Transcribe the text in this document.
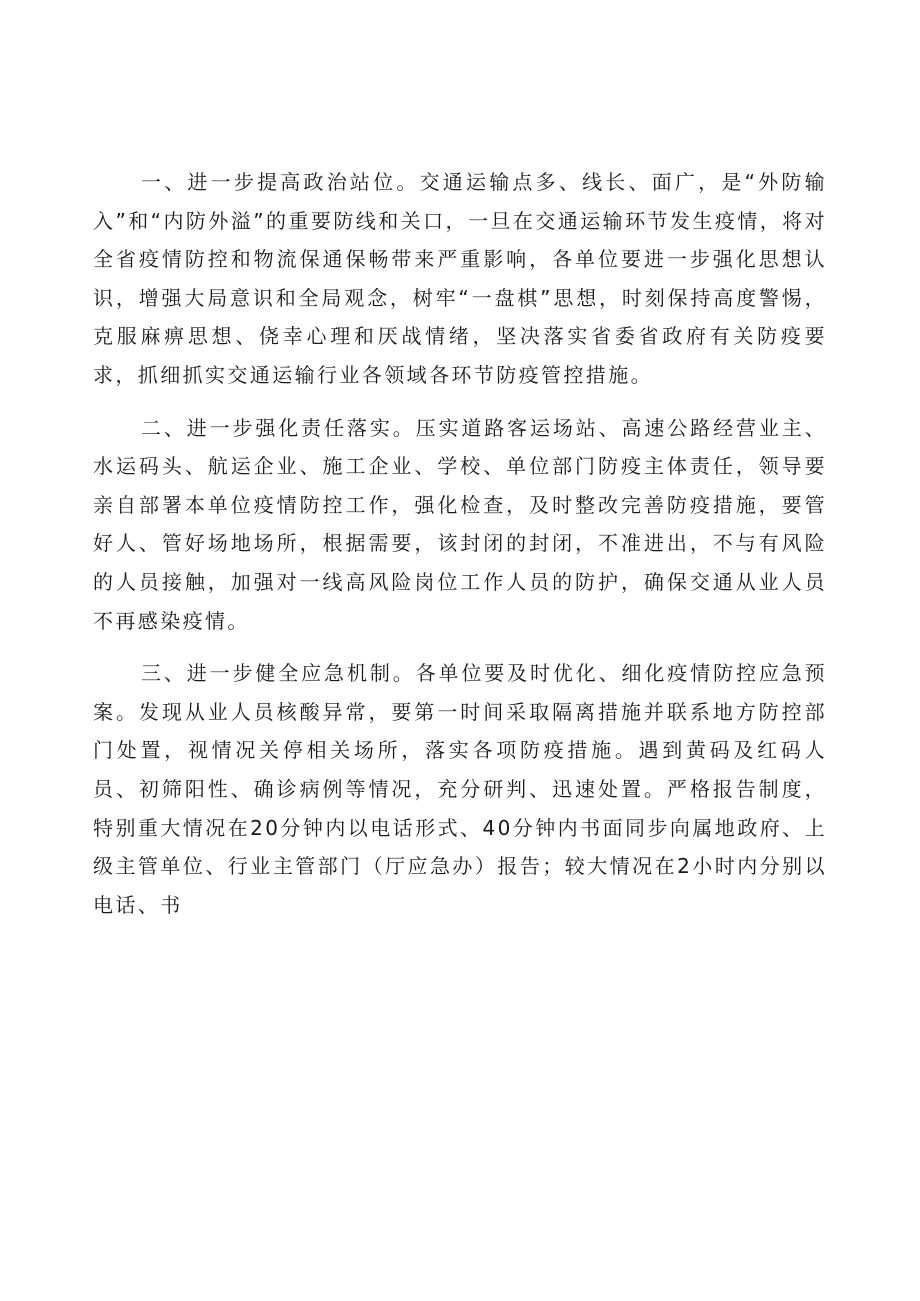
一、进一步提高政治站位。交通运输点多、线长、面广，是“外防输入”和“内防外溢”的重要防线和关口，一旦在交通运输环节发生疫情，将对全省疫情防控和物流保通保畅带来严重影响，各单位要进一步强化思想认识，增强大局意识和全局观念，树牢“一盘棋”思想，时刻保持高度警惕，克服麻痹思想、侥幸心理和厌战情绪，坚决落实省委省政府有关防疫要求，抓细抓实交通运输行业各领域各环节防疫管控措施。

二、进一步强化责任落实。压实道路客运场站、高速公路经营业主、水运码头、航运企业、施工企业、学校、单位部门防疫主体责任，领导要亲自部署本单位疫情防控工作，强化检查，及时整改完善防疫措施，要管好人、管好场地场所，根据需要，该封闭的封闭，不准进出，不与有风险的人员接触，加强对一线高风险岗位工作人员的防护，确保交通从业人员不再感染疫情。

三、进一步健全应急机制。各单位要及时优化、细化疫情防控应急预案。发现从业人员核酸异常，要第一时间采取隔离措施并联系地方防控部门处置，视情况关停相关场所，落实各项防疫措施。遇到黄码及红码人员、初筛阳性、确诊病例等情况，充分研判、迅速处置。严格报告制度，特别重大情况在20分钟内以电话形式、40分钟内书面同步向属地政府、上级主管单位、行业主管部门（厅应急办）报告；较大情况在2小时内分别以电话、书
